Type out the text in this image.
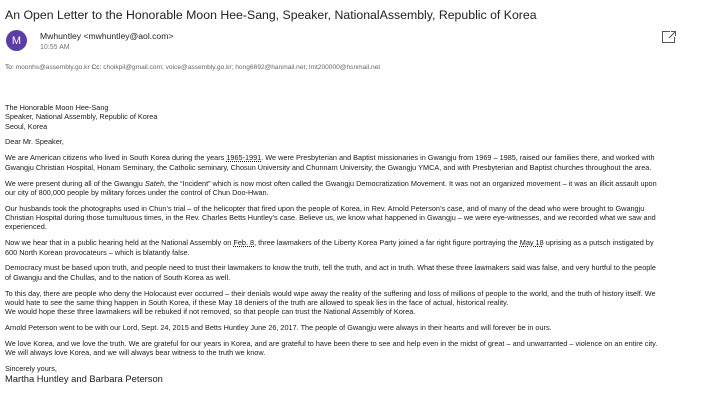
An Open Letter to the Honorable Moon Hee-Sang, Speaker, NationalAssembly, Republic of Korea
M Mwhuntley <mwhuntley@aol.com>
10:55 AM
To: moonhs@assembly.go.kr Cc: choikpil@gmail.com; voice@assembly.go.kr; hong6692@hanmail.net; lmt200000@hsnmail.net
The Honorable Moon Hee-Sang
Speaker, National Assembly, Republic of Korea
Seoul, Korea
Dear Mr. Speaker,
We are American citizens who lived in South Korea during the years 1965-1991. We were Presbyterian and Baptist missionaries in Gwangju from 1969 – 1985, raised our families there, and worked with
Gwangju Christian Hospital, Honam Seminary, the Catholic seminary, Chosun University and Chunnam University, the Gwangju YMCA, and with Presbyterian and Baptist churches throughout the area.
We were present during all of the Gwangju Sateh, the “Incident” which is now most often called the Gwangju Democratization Movement. It was not an organized movement – it was an illicit assault upon
our city of 800,000 people by military forces under the control of Chun Doo-Hwan.
Our husbands took the photographs used in Chun’s trial – of the helicopter that fired upon the people of Korea, in Rev. Arnold Peterson’s case, and of many of the dead who were brought to Gwangju
Christian Hospital during those tumultuous times, in the Rev. Charles Betts Huntley’s case. Believe us, we know what happened in Gwangju – we were eye-witnesses, and we recorded what we saw and
experienced.
Now we hear that in a public hearing held at the National Assembly on Feb. 8, three lawmakers of the Liberty Korea Party joined a far right figure portraying the May 18 uprising as a putsch instigated by
600 North Korean provocateurs – which is blatantly false.
Democracy must be based upon truth, and people need to trust their lawmakers to know the truth, tell the truth, and act in truth. What these three lawmakers said was false, and very hurtful to the people
of Gwangju and the Chullas, and to the nation of South Korea as well.
To this day, there are people who deny the Holocaust ever occurred – their denials would wipe away the reality of the suffering and loss of millions of people to the world, and the truth of history itself. We
would hate to see the same thing happen in South Korea, if these May 18 deniers of the truth are allowed to speak lies in the face of actual, historical reality.
We would hope these three lawmakers will be rebuked if not removed, so that people can trust the National Assembly of Korea.
Arnold Peterson went to be with our Lord, Sept. 24, 2015 and Betts Huntley June 26, 2017. The people of Gwangju were always in their hearts and will forever be in ours.
We love Korea, and we love the truth. We are grateful for our years in Korea, and are grateful to have been there to see and help even in the midst of great – and unwarranted – violence on an entire city.
We will always love Korea, and we will always bear witness to the truth we know.
Sincerely yours,
Martha Huntley and Barbara Peterson
